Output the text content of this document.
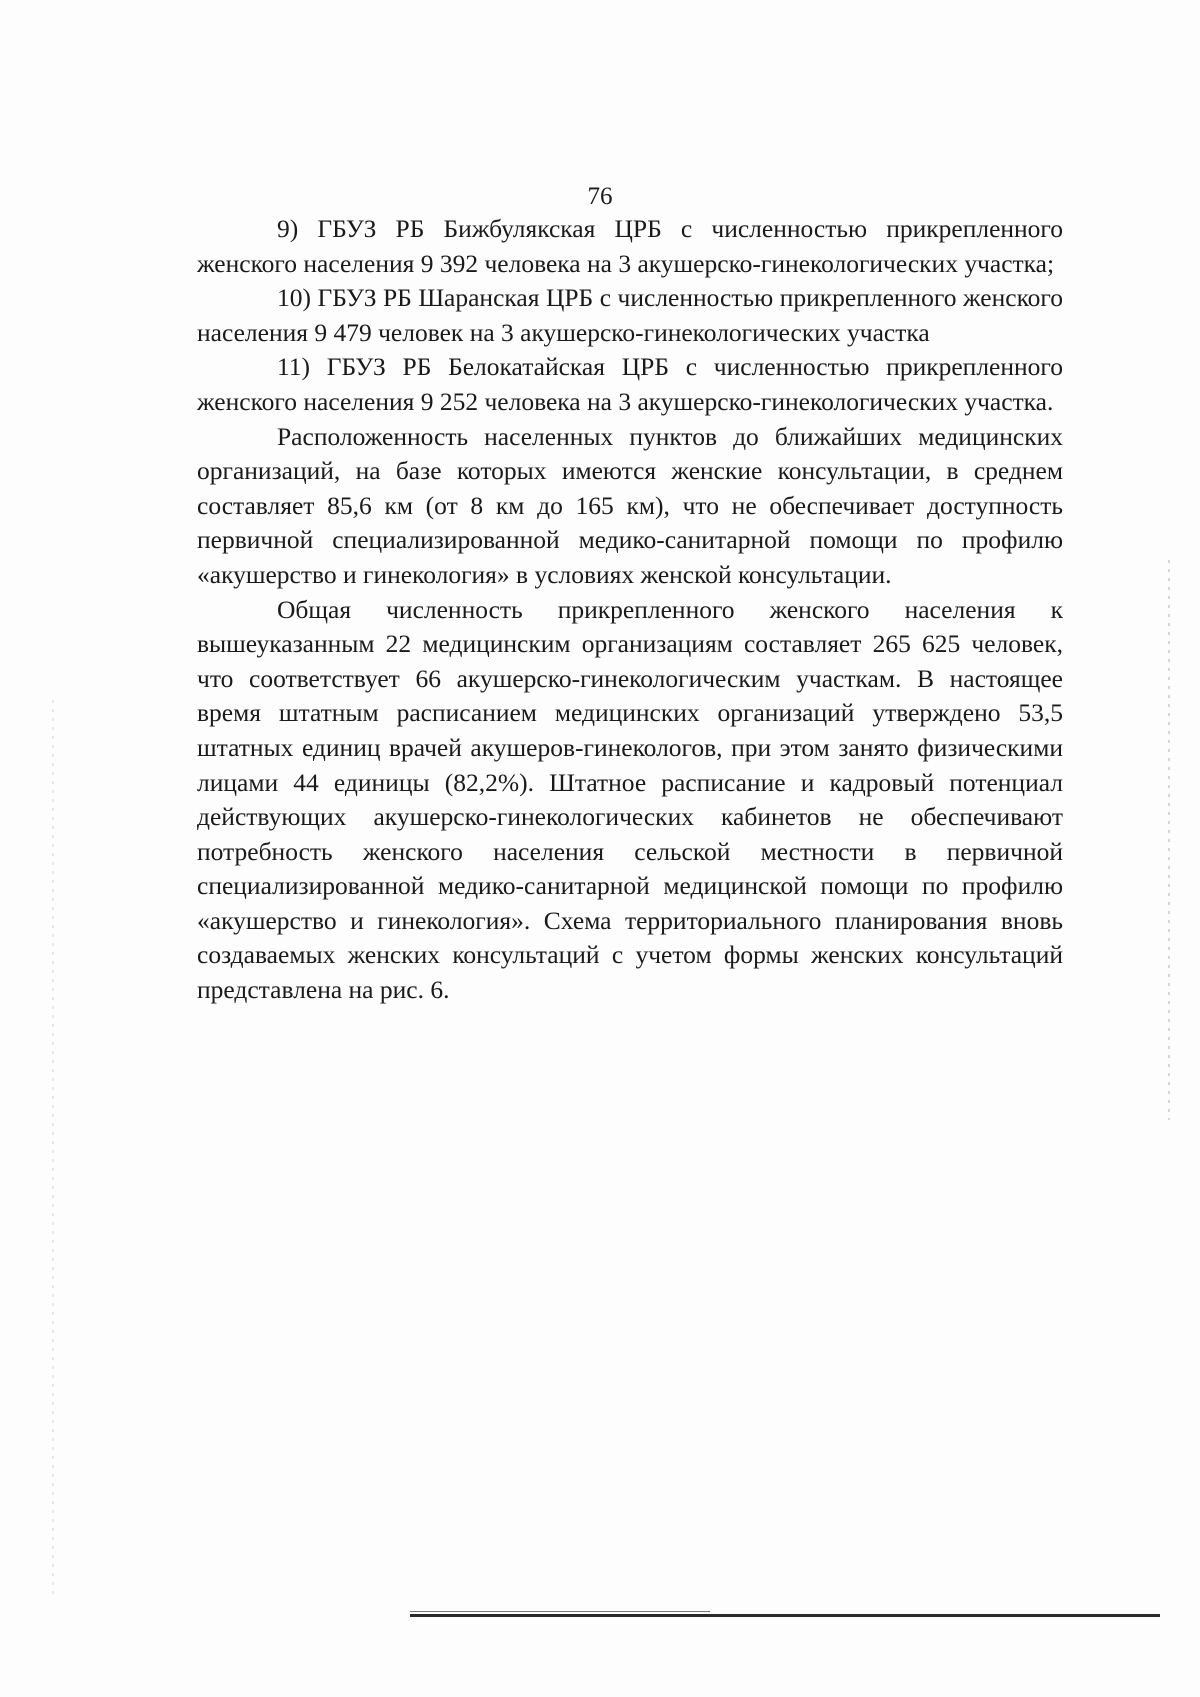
76

9) ГБУЗ РБ Бижбулякская ЦРБ с численностью прикрепленного женского населения 9 392 человека на 3 акушерско-гинекологических участка;

10) ГБУЗ РБ Шаранская ЦРБ с численностью прикрепленного женского населения 9 479 человек на 3 акушерско-гинекологических участка

11) ГБУЗ РБ Белокатайская ЦРБ с численностью прикрепленного женского населения 9 252 человека на 3 акушерско-гинекологических участка.

Расположенность населенных пунктов до ближайших медицинских организаций, на базе которых имеются женские консультации, в среднем составляет 85,6 км (от 8 км до 165 км), что не обеспечивает доступность первичной специализированной медико-санитарной помощи по профилю «акушерство и гинекология» в условиях женской консультации.

Общая численность прикрепленного женского населения к вышеуказанным 22 медицинским организациям составляет 265 625 человек, что соответствует 66 акушерско-гинекологическим участкам. В настоящее время штатным расписанием медицинских организаций утверждено 53,5 штатных единиц врачей акушеров-гинекологов, при этом занято физическими лицами 44 единицы (82,2%). Штатное расписание и кадровый потенциал действующих акушерско-гинекологических кабинетов не обеспечивают потребность женского населения сельской местности в первичной специализированной медико-санитарной медицинской помощи по профилю «акушерство и гинекология». Схема территориального планирования вновь создаваемых женских консультаций с учетом формы женских консультаций представлена на рис. 6.
